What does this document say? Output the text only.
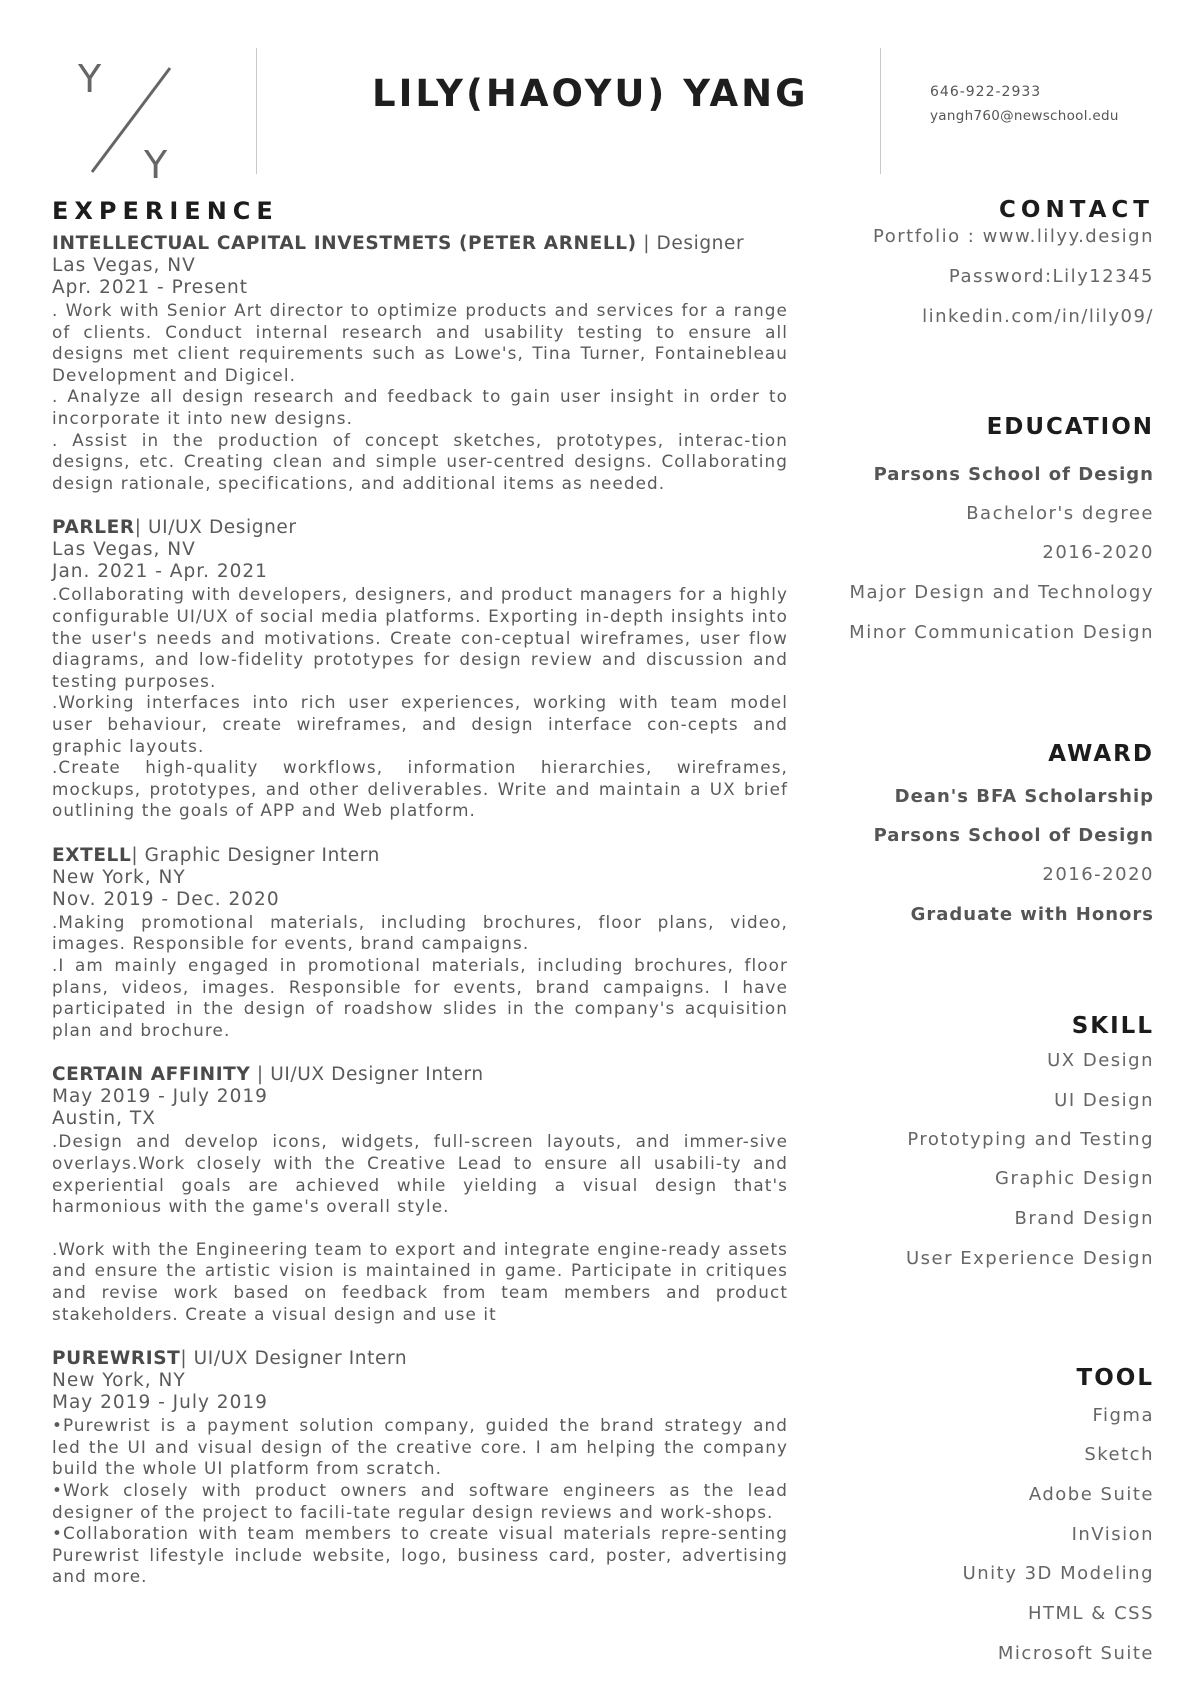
Y
Y
LILY(HAOYU) YANG	646-922-2933
yangh760@newschool.edu
EXPERIENCE
INTELLECTUAL CAPITAL INVESTMETS (PETER ARNELL) | Designer
Las Vegas, NV
Apr. 2021 - Present
. Work with Senior Art director to optimize products and services for a range of clients. Conduct internal research and usability testing to ensure all designs met client requirements such as Lowe's, Tina Turner, Fontainebleau Development and Digicel.
. Analyze all design research and feedback to gain user insight in order to incorporate it into new designs.
. Assist in the production of concept sketches, prototypes, interac-tion designs, etc. Creating clean and simple user-centred designs. Collaborating design rationale, specifications, and additional items as needed.
PARLER| UI/UX Designer
Las Vegas, NV
Jan. 2021 - Apr. 2021
.Collaborating with developers, designers, and product managers for a highly configurable UI/UX of social media platforms. Exporting in-depth insights into the user's needs and motivations. Create con-ceptual wireframes, user flow diagrams, and low-fidelity prototypes for design review and discussion and testing purposes.
.Working interfaces into rich user experiences, working with team model user behaviour, create wireframes, and design interface con-cepts and graphic layouts.
.Create high-quality workflows, information hierarchies, wireframes, mockups, prototypes, and other deliverables. Write and maintain a UX brief outlining the goals of APP and Web platform.
EXTELL| Graphic Designer Intern
New York, NY
Nov. 2019 - Dec. 2020
.Making promotional materials, including brochures, floor plans, video, images. Responsible for events, brand campaigns.
.I am mainly engaged in promotional materials, including brochures, floor plans, videos, images. Responsible for events, brand campaigns. I have participated in the design of roadshow slides in the company's acquisition plan and brochure.
CERTAIN AFFINITY | UI/UX Designer Intern
May 2019 - July 2019
Austin, TX
.Design and develop icons, widgets, full-screen layouts, and immer-sive overlays.Work closely with the Creative Lead to ensure all usabili-ty and experiential goals are achieved while yielding a visual design that's harmonious with the game's overall style.
.Work with the Engineering team to export and integrate engine-ready assets and ensure the artistic vision is maintained in game. Participate in critiques and revise work based on feedback from team members and product stakeholders. Create a visual design and use it
PUREWRIST| UI/UX Designer Intern
New York, NY
May 2019 - July 2019
•Purewrist is a payment solution company, guided the brand strategy and led the UI and visual design of the creative core. I am helping the company build the whole UI platform from scratch.
•Work closely with product owners and software engineers as the lead designer of the project to facili-tate regular design reviews and work-shops.
•Collaboration with team members to create visual materials repre-senting Purewrist lifestyle include website, logo, business card, poster, advertising and more.
CONTACT
Portfolio : www.lilyy.design
Password:Lily12345
linkedin.com/in/lily09/
EDUCATION
Parsons School of Design
Bachelor's degree
2016-2020
Major Design and Technology
Minor Communication Design
AWARD
Dean's BFA Scholarship
Parsons School of Design
2016-2020
Graduate with Honors
SKILL
UX Design
UI Design
Prototyping and Testing
Graphic Design
Brand Design
User Experience Design
TOOL
Figma
Sketch
Adobe Suite
InVision
Unity 3D Modeling
HTML & CSS
Microsoft Suite
